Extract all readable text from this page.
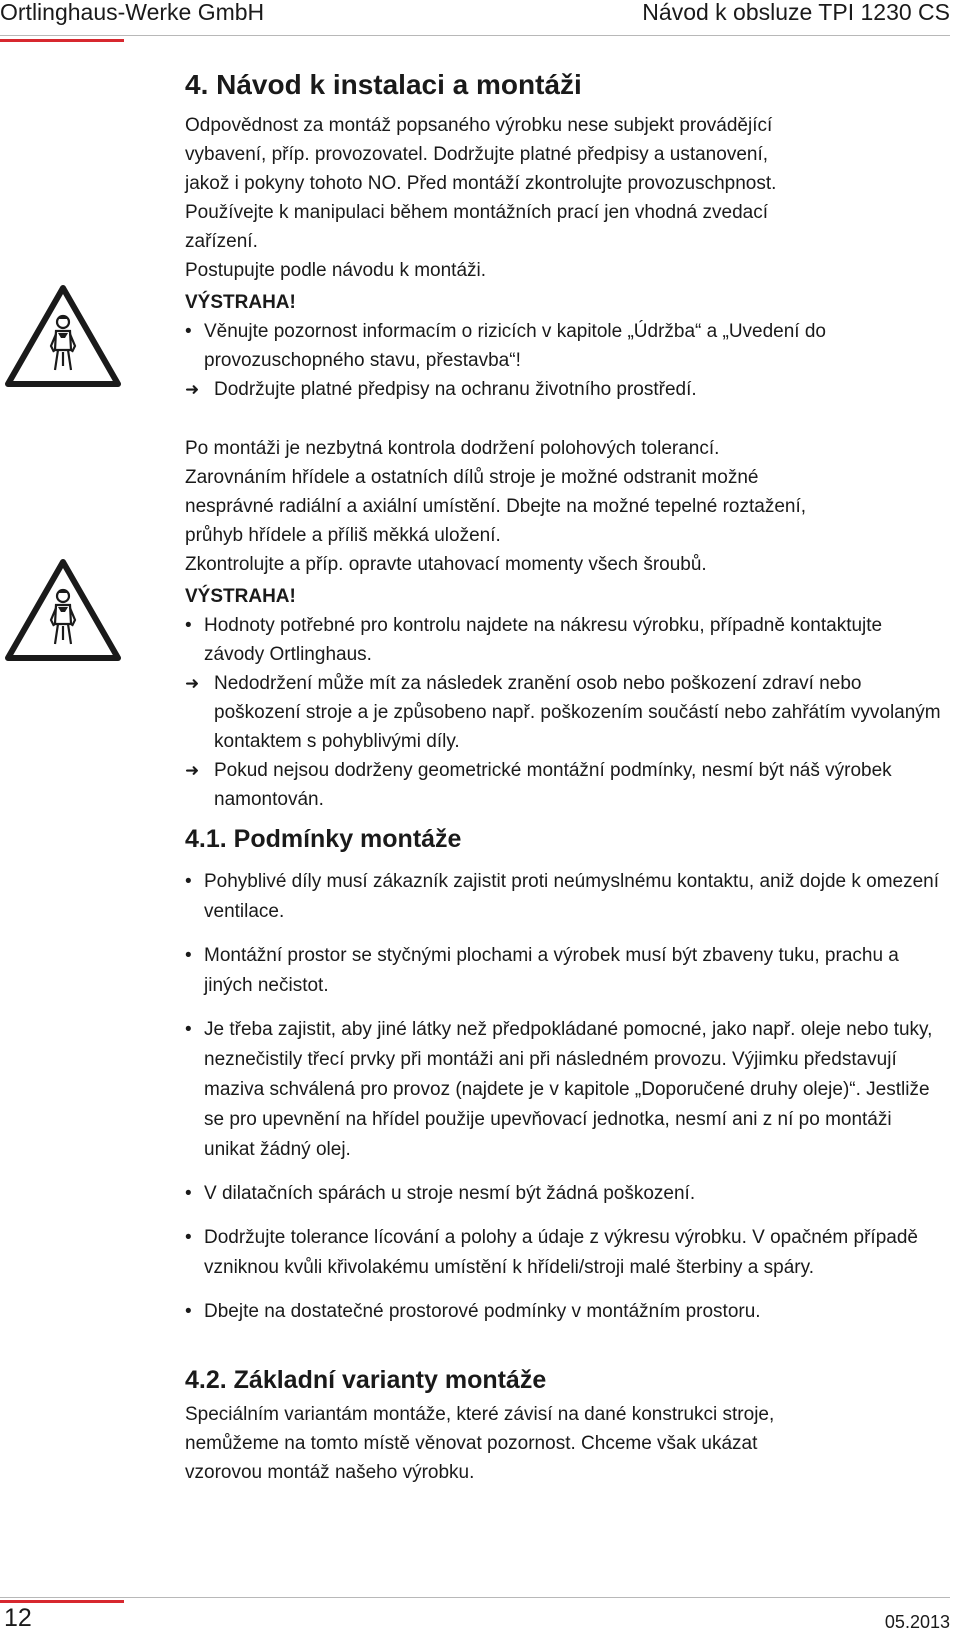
Ortlinghaus-Werke GmbH	Návod k obsluze TPI 1230 CS
4. Návod k instalaci a montáži

Odpovědnost za montáž popsaného výrobku nese subjekt provádějící

vybavení, příp. provozovatel. Dodržujte platné předpisy a ustanovení,

jakož i pokyny tohoto NO. Před montáží zkontrolujte provozuschpnost.

Používejte k manipulaci během montážních prací jen vhodná zvedací

zařízení.

Postupujte podle návodu k montáži.

VÝSTRAHA!
• Věnujte pozornost informacím o rizicích v kapitole „Údržba“ a „Uvedení do provozuschopného stavu, přestavba“!
➜ Dodržujte platné předpisy na ochranu životního prostředí.

Po montáži je nezbytná kontrola dodržení polohových tolerancí.

Zarovnáním hřídele a ostatních dílů stroje je možné odstranit možné

nesprávné radiální a axiální umístění. Dbejte na možné tepelné roztažení,

průhyb hřídele a příliš měkká uložení.

Zkontrolujte a příp. opravte utahovací momenty všech šroubů.

VÝSTRAHA!
• Hodnoty potřebné pro kontrolu najdete na nákresu výrobku, případně kontaktujte závody Ortlinghaus.
➜ Nedodržení může mít za následek zranění osob nebo poškození zdraví nebo poškození stroje a je způsobeno např. poškozením součástí nebo zahřátím vyvolaným kontaktem s pohyblivými díly.
➜ Pokud nejsou dodrženy geometrické montážní podmínky, nesmí být náš výrobek namontován.
4.1. Podmínky montáže
• Pohyblivé díly musí zákazník zajistit proti neúmyslnému kontaktu, aniž dojde k omezení ventilace.
• Montážní prostor se styčnými plochami a výrobek musí být zbaveny tuku, prachu a jiných nečistot.
• Je třeba zajistit, aby jiné látky než předpokládané pomocné, jako např. oleje nebo tuky, neznečistily třecí prvky při montáži ani při následném provozu. Výjimku představují maziva schválená pro provoz (najdete je v kapitole „Doporučené druhy oleje)“. Jestliže se pro upevnění na hřídel použije upevňovací jednotka, nesmí ani z ní po montáži unikat žádný olej.
• V dilatačních spárách u stroje nesmí být žádná poškození.
• Dodržujte tolerance lícování a polohy a údaje z výkresu výrobku. V opačném případě vzniknou kvůli křivolakému umístění k hřídeli/stroji malé šterbiny a spáry.
• Dbejte na dostatečné prostorové podmínky v montážním prostoru.
4.2. Základní varianty montáže

Speciálním variantám montáže, které závisí na dané konstrukci stroje,

nemůžeme na tomto místě věnovat pozornost. Chceme však ukázat

vzorovou montáž našeho výrobku.

12	05.2013
